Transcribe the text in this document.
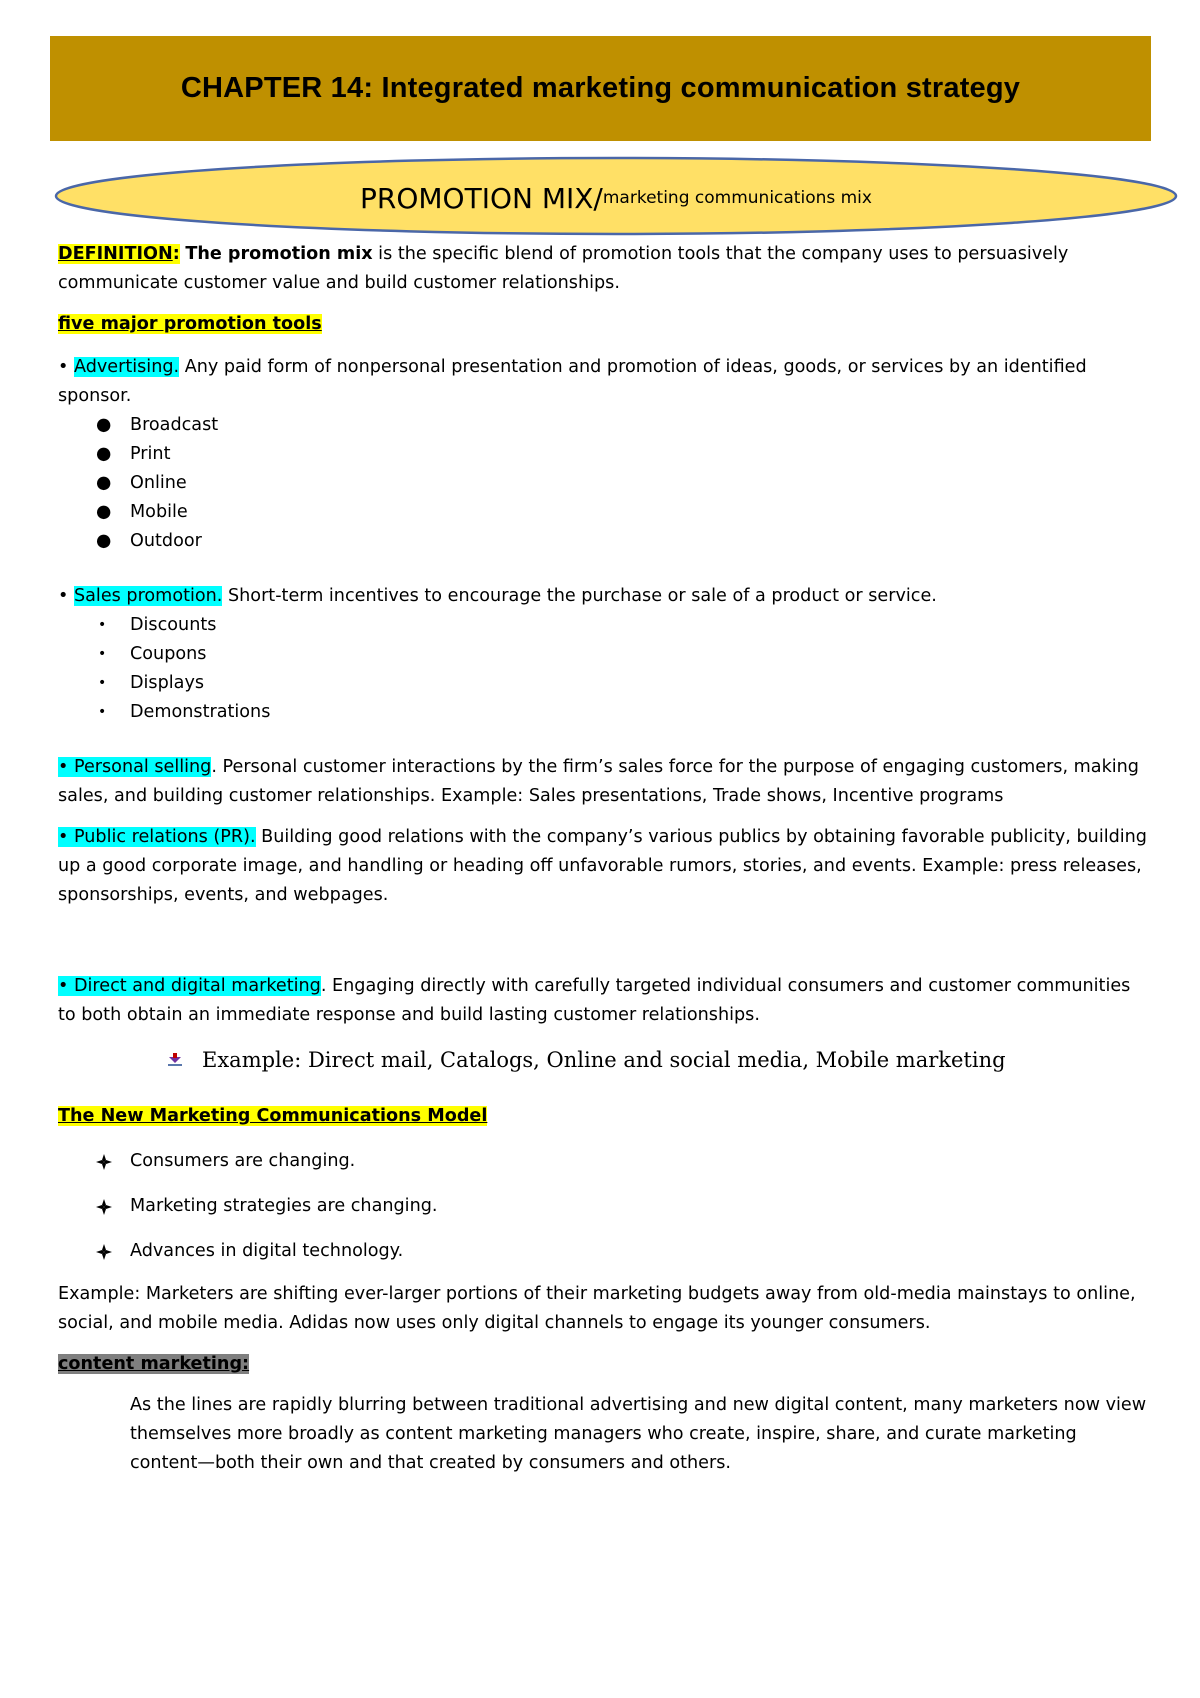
CHAPTER 14: Integrated marketing communication strategy
PROMOTION MIX/ marketing communications mix

DEFINITION: The promotion mix is the specific blend of promotion tools that the company uses to persuasively communicate customer value and build customer relationships.

five major promotion tools

• Advertising. Any paid form of nonpersonal presentation and promotion of ideas, goods, or services by an identified sponsor.

● Broadcast
● Print
● Online
● Mobile
● Outdoor

• Sales promotion. Short-term incentives to encourage the purchase or sale of a product or service.

• Discounts
• Coupons
• Displays
• Demonstrations

• Personal selling. Personal customer interactions by the firm’s sales force for the purpose of engaging customers, making sales, and building customer relationships. Example: Sales presentations, Trade shows, Incentive programs

• Public relations (PR). Building good relations with the company’s various publics by obtaining favorable publicity, building up a good corporate image, and handling or heading off unfavorable rumors, stories, and events. Example: press releases, sponsorships, events, and webpages.

• Direct and digital marketing. Engaging directly with carefully targeted individual consumers and customer communities to both obtain an immediate response and build lasting customer relationships.

Example: Direct mail, Catalogs, Online and social media, Mobile marketing

The New Marketing Communications Model

Consumers are changing.
Marketing strategies are changing.
Advances in digital technology.

Example: Marketers are shifting ever-larger portions of their marketing budgets away from old-media mainstays to online, social, and mobile media. Adidas now uses only digital channels to engage its younger consumers.

content marketing:

As the lines are rapidly blurring between traditional advertising and new digital content, many marketers now view themselves more broadly as content marketing managers who create, inspire, share, and curate marketing content—both their own and that created by consumers and others.
